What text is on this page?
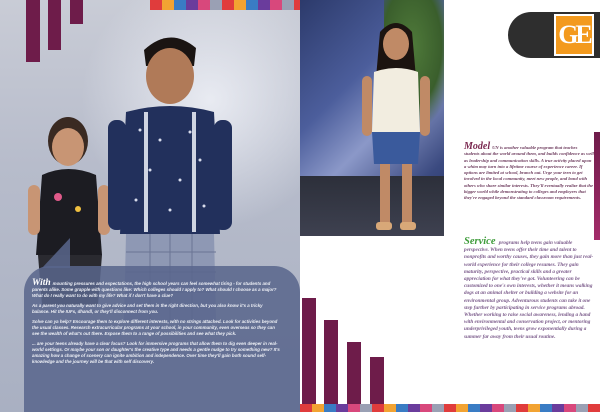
With mounting pressures and expectations, the high school years can feel somewhat tiring - for students and parents alike. Some grapple with questions like: Which colleges should I apply to? What should I choose as a major? What do I really want to do with my life? What if I don't have a clue?

As a parent you naturally want to give advice and set them in the right direction, but you also know it's a tricky balance. Hit the IUFs, dhandl, or they'll disconnect from you.

Solve can ya help? Encourage them to explore different interests, with no strings attached. Look for activities beyond the usual classes. Research extracurricular programs at your school, in your community, even overseas so they can see the wealth of what's out there. Expose them to a range of possibilities and see what they pick.

... are your teens already have a clear focus? Look for immersive programs that allow them to dig even deeper in real-world settings. Or maybe your son or daughter's the creative type and needs a gentle nudge to try something new? It's amazing how a change of scenery can ignite ambition and independence. Over time they'll gain both sound self-knowledge and the journey will be that with self discovery.

GE

Model UN is another valuable program that teaches students about the world around them, and builds confidence as well as leadership and communication skills. A true activity placed upon a whim may turn into a lifetime course of experience career. If options are limited at school, branch out. Urge your teen to get involved in the local community, meet new people, and bond with others who share similar interests. They'll eventually realize that the bigger world while demonstrating to colleges and employers that they're engaged beyond the standard classroom requirements.

Service programs help teens gain valuable perspective. When teens offer their time and talent to nonprofits and worthy causes, they gain more than just real-world experience for their college resumes. They gain maturity, perspective, practical skills and a greater appreciation for what they've got. Volunteering can be customized to one's own interests, whether it means walking dogs at an animal shelter or building a website for an environmental group. Adventurous students can take it one step further by participating in service programs abroad. Whether working to raise social awareness, lending a hand with environmental and conservation project, or mentoring underprivileged youth, teens grow exponentially during a summer far away from their usual routine.
